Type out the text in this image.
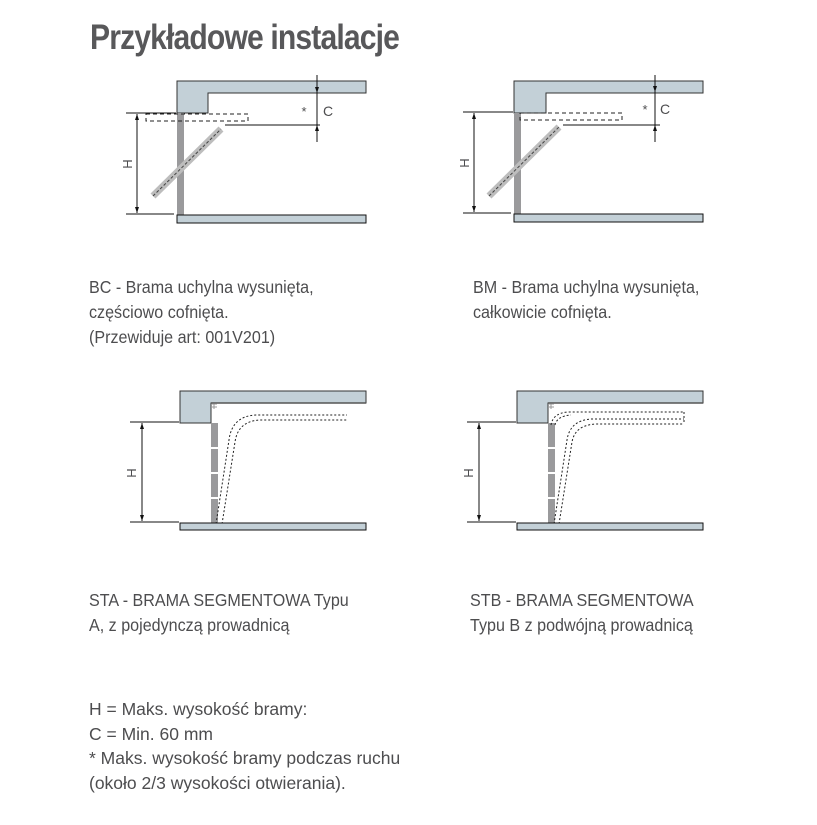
Przykładowe instalacje
H
* C
H
* C
H	H
BC - Brama uchylna wysunięta,
częściowo cofnięta.
(Przewiduje art: 001V201)
BM - Brama uchylna wysunięta,
całkowicie cofnięta.
STA - BRAMA SEGMENTOWA Typu
A, z pojedynczą prowadnicą
STB - BRAMA SEGMENTOWA
Typu B z podwójną prowadnicą
H = Maks. wysokość bramy:
C = Min. 60 mm
* Maks. wysokość bramy podczas ruchu
(około 2/3 wysokości otwierania).
